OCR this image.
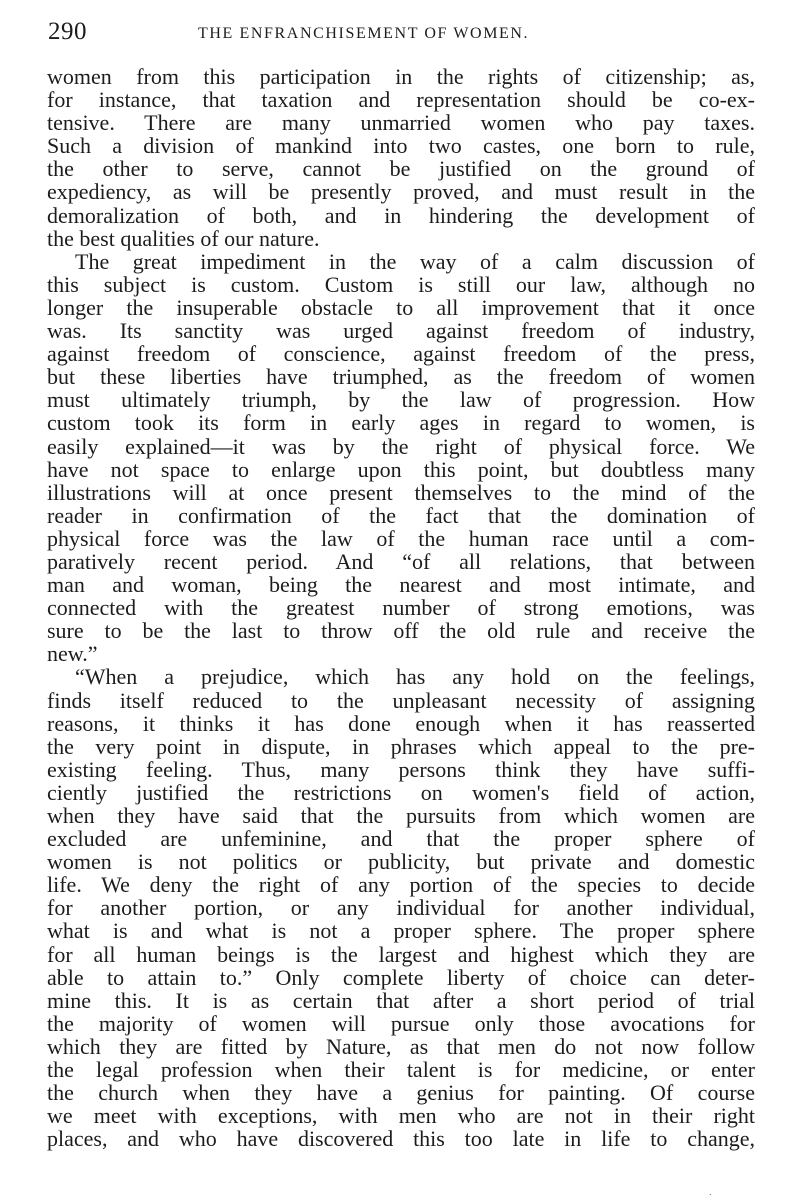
290	THE ENFRANCHISEMENT OF WOMEN.
women from this participation in the rights of citizenship; as,
for instance, that taxation and representation should be co-ex-
tensive. There are many unmarried women who pay taxes.
Such a division of mankind into two castes, one born to rule,
the other to serve, cannot be justified on the ground of
expediency, as will be presently proved, and must result in the
demoralization of both, and in hindering the development of
the best qualities of our nature.
The great impediment in the way of a calm discussion of
this subject is custom. Custom is still our law, although no
longer the insuperable obstacle to all improvement that it once
was. Its sanctity was urged against freedom of industry,
against freedom of conscience, against freedom of the press,
but these liberties have triumphed, as the freedom of women
must ultimately triumph, by the law of progression. How
custom took its form in early ages in regard to women, is
easily explained—it was by the right of physical force. We
have not space to enlarge upon this point, but doubtless many
illustrations will at once present themselves to the mind of the
reader in confirmation of the fact that the domination of
physical force was the law of the human race until a com-
paratively recent period. And “of all relations, that between
man and woman, being the nearest and most intimate, and
connected with the greatest number of strong emotions, was
sure to be the last to throw off the old rule and receive the
new.”
“When a prejudice, which has any hold on the feelings,
finds itself reduced to the unpleasant necessity of assigning
reasons, it thinks it has done enough when it has reasserted
the very point in dispute, in phrases which appeal to the pre-
existing feeling. Thus, many persons think they have suffi-
ciently justified the restrictions on women's field of action,
when they have said that the pursuits from which women are
excluded are unfeminine, and that the proper sphere of
women is not politics or publicity, but private and domestic
life. We deny the right of any portion of the species to decide
for another portion, or any individual for another individual,
what is and what is not a proper sphere. The proper sphere
for all human beings is the largest and highest which they are
able to attain to.” Only complete liberty of choice can deter-
mine this. It is as certain that after a short period of trial
the majority of women will pursue only those avocations for
which they are fitted by Nature, as that men do not now follow
the legal profession when their talent is for medicine, or enter
the church when they have a genius for painting. Of course
we meet with exceptions, with men who are not in their right
places, and who have discovered this too late in life to change,
.
